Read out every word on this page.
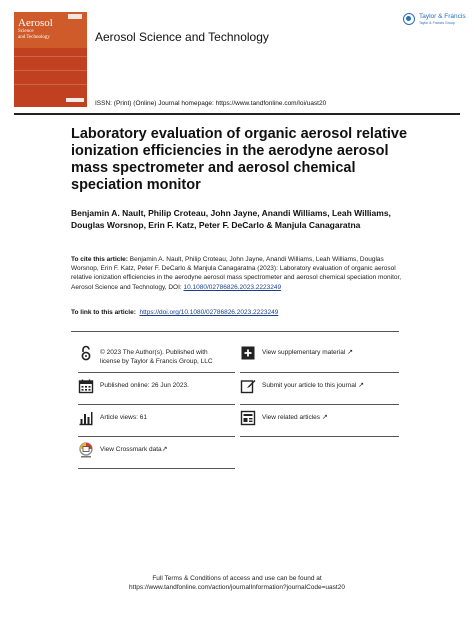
Aerosol
Science
and Technology	Aerosol Science and Technology
Taylor & Francis
Taylor & Francis Group
ISSN: (Print) (Online) Journal homepage: https://www.tandfonline.com/loi/uast20
Laboratory evaluation of organic aerosol relative ionization efficiencies in the aerodyne aerosol mass spectrometer and aerosol chemical speciation monitor
Benjamin A. Nault, Philip Croteau, John Jayne, Anandi Williams, Leah Williams, Douglas Worsnop, Erin F. Katz, Peter F. DeCarlo & Manjula Canagaratna
To cite this article: Benjamin A. Nault, Philip Croteau, John Jayne, Anandi Williams, Leah Williams, Douglas Worsnop, Erin F. Katz, Peter F. DeCarlo & Manjula Canagaratna (2023): Laboratory evaluation of organic aerosol relative ionization efficiencies in the aerodyne aerosol mass spectrometer and aerosol chemical speciation monitor, Aerosol Science and Technology, DOI: 10.1080/02786826.2023.2223249
To link to this article: https://doi.org/10.1080/02786826.2023.2223249
© 2023 The Author(s). Published with
license by Taylor & Francis Group, LLC
Published online: 26 Jun 2023.
Article views: 61
View Crossmark data↗
View supplementary material ↗
Submit your article to this journal ↗
View related articles ↗
Full Terms & Conditions of access and use can be found at
https://www.tandfonline.com/action/journalInformation?journalCode=uast20
